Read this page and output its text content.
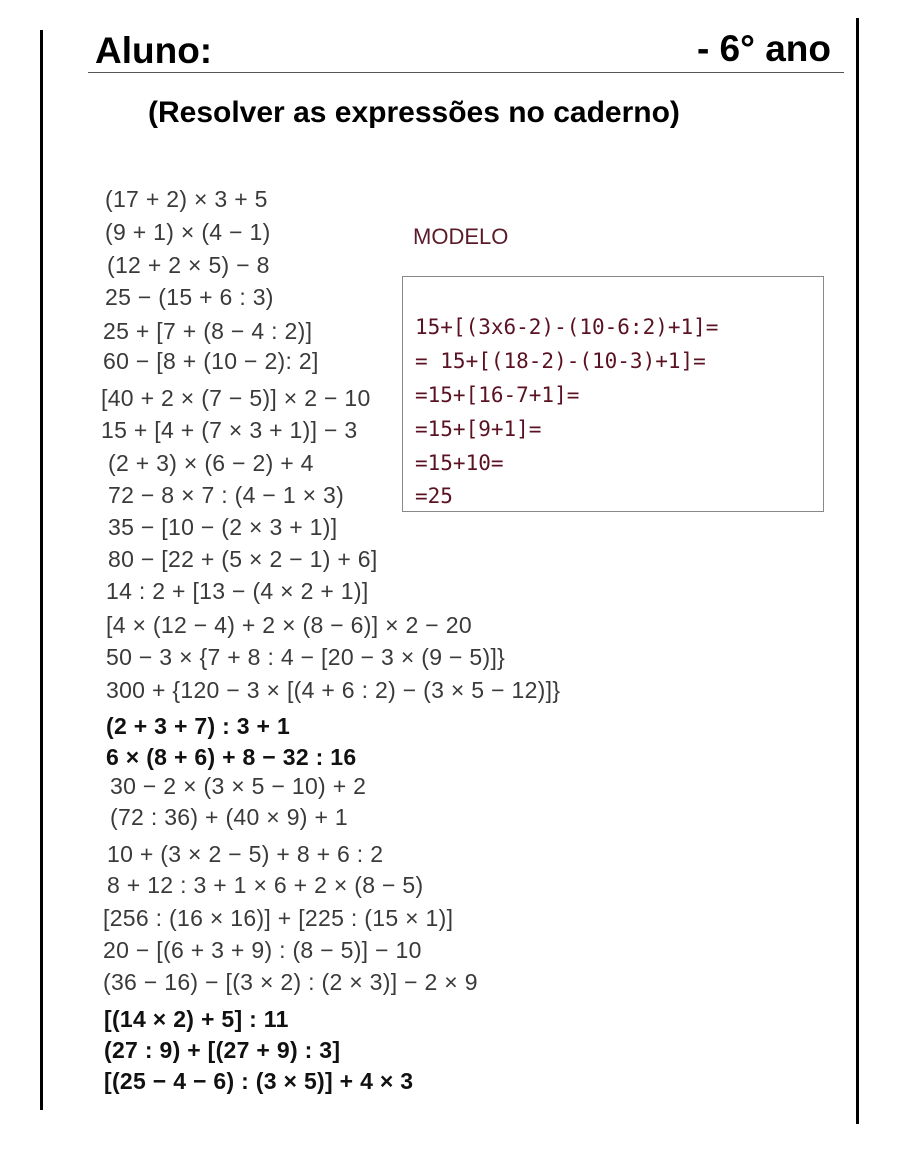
Aluno:	- 6° ano
(Resolver as expressões no caderno)
(17 + 2) × 3 + 5
(9 + 1) × (4 − 1)
(12 + 2 × 5) − 8
25 − (15 + 6 : 3)
25 + [7 + (8 − 4 : 2)]
60 − [8 + (10 − 2): 2]
[40 + 2 × (7 − 5)] × 2 − 10
15 + [4 + (7 × 3 + 1)] − 3
(2 + 3) × (6 − 2) + 4
72 − 8 × 7 : (4 − 1 × 3)
35 − [10 − (2 × 3 + 1)]
80 − [22 + (5 × 2 − 1) + 6]
14 : 2 + [13 − (4 × 2 + 1)]
[4 × (12 − 4) + 2 × (8 − 6)] × 2 − 20
50 − 3 × {7 + 8 : 4 − [20 − 3 × (9 − 5)]}
300 + {120 − 3 × [(4 + 6 : 2) − (3 × 5 − 12)]}
(2 + 3 + 7) : 3 + 1
6 × (8 + 6) + 8 − 32 : 16
30 − 2 × (3 × 5 − 10) + 2
(72 : 36) + (40 × 9) + 1
10 + (3 × 2 − 5) + 8 + 6 : 2
8 + 12 : 3 + 1 × 6 + 2 × (8 − 5)
[256 : (16 × 16)] + [225 : (15 × 1)]
20 − [(6 + 3 + 9) : (8 − 5)] − 10
(36 − 16) − [(3 × 2) : (2 × 3)] − 2 × 9
[(14 × 2) + 5] : 11
(27 : 9) + [(27 + 9) : 3]
[(25 − 4 − 6) : (3 × 5)] + 4 × 3
MODELO
15+[(3x6-2)-(10-6:2)+1]=
= 15+[(18-2)-(10-3)+1]=
=15+[16-7+1]=
=15+[9+1]=
=15+10=
=25
